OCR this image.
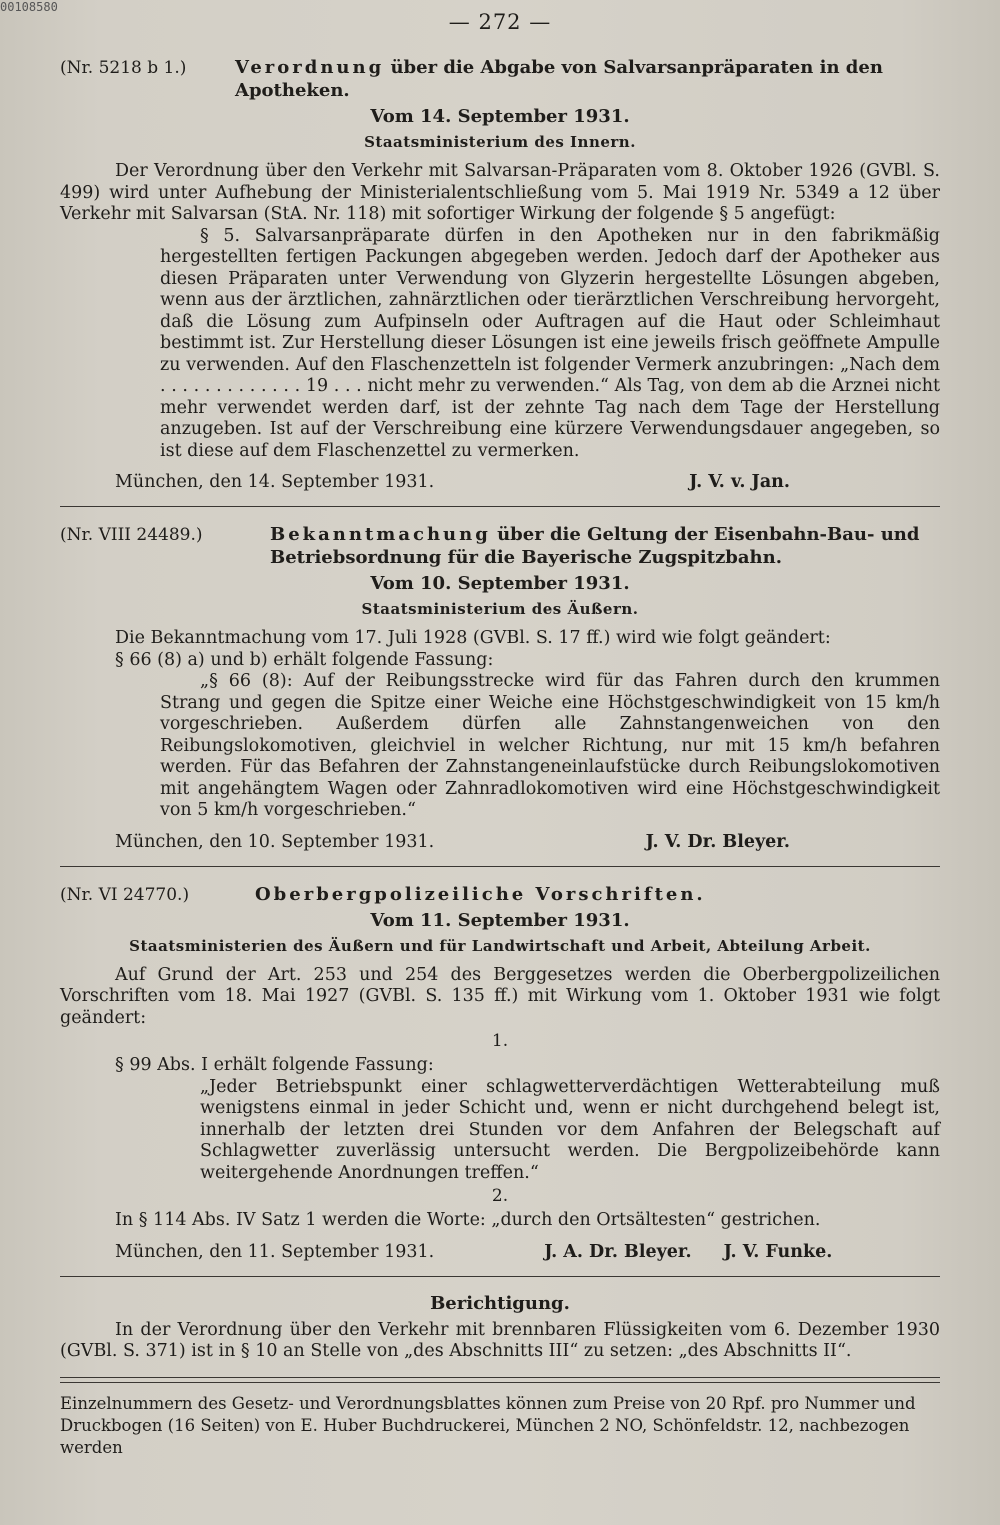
00108580
— 272 —
(Nr. 5218 b 1.)	Verordnung über die Abgabe von Salvarsanpräparaten in den Apotheken.
Vom 14. September 1931.
Staatsministerium des Innern.

Der Verordnung über den Verkehr mit Salvarsan-Präparaten vom 8. Oktober 1926 (GVBl. S. 499) wird unter Aufhebung der Ministerialentschließung vom 5. Mai 1919 Nr. 5349 a 12 über Verkehr mit Salvarsan (StA. Nr. 118) mit sofortiger Wirkung der folgende § 5 angefügt:

§ 5. Salvarsanpräparate dürfen in den Apotheken nur in den fabrikmäßig hergestellten fertigen Packungen abgegeben werden. Jedoch darf der Apotheker aus diesen Präparaten unter Verwendung von Glyzerin hergestellte Lösungen abgeben, wenn aus der ärztlichen, zahnärztlichen oder tierärztlichen Verschreibung hervorgeht, daß die Lösung zum Aufpinseln oder Auftragen auf die Haut oder Schleimhaut bestimmt ist. Zur Herstellung dieser Lösungen ist eine jeweils frisch geöffnete Ampulle zu verwenden. Auf den Flaschenzetteln ist folgender Vermerk anzubringen: „Nach dem . . . . . . . . . . . . . 19 . . . nicht mehr zu verwenden.“ Als Tag, von dem ab die Arznei nicht mehr verwendet werden darf, ist der zehnte Tag nach dem Tage der Herstellung anzugeben. Ist auf der Verschreibung eine kürzere Verwendungsdauer angegeben, so ist diese auf dem Flaschenzettel zu vermerken.

München, den 14. September 1931.	J. V. v. Jan.
(Nr. VIII 24489.)	Bekanntmachung über die Geltung der Eisenbahn-Bau- und Betriebsordnung für die Bayerische Zugspitzbahn.
Vom 10. September 1931.
Staatsministerium des Äußern.

Die Bekanntmachung vom 17. Juli 1928 (GVBl. S. 17 ff.) wird wie folgt geändert:

§ 66 (8) a) und b) erhält folgende Fassung:

„§ 66 (8): Auf der Reibungsstrecke wird für das Fahren durch den krummen Strang und gegen die Spitze einer Weiche eine Höchstgeschwindigkeit von 15 km/h vorgeschrieben. Außerdem dürfen alle Zahnstangenweichen von den Reibungslokomotiven, gleichviel in welcher Richtung, nur mit 15 km/h befahren werden. Für das Befahren der Zahnstangeneinlaufstücke durch Reibungslokomotiven mit angehängtem Wagen oder Zahnradlokomotiven wird eine Höchstgeschwindigkeit von 5 km/h vorgeschrieben.“

München, den 10. September 1931.	J. V. Dr. Bleyer.
(Nr. VI 24770.)	Oberbergpolizeiliche Vorschriften.
Vom 11. September 1931.
Staatsministerien des Äußern und für Landwirtschaft und Arbeit, Abteilung Arbeit.

Auf Grund der Art. 253 und 254 des Berggesetzes werden die Oberbergpolizeilichen Vorschriften vom 18. Mai 1927 (GVBl. S. 135 ff.) mit Wirkung vom 1. Oktober 1931 wie folgt geändert:

1.

§ 99 Abs. I erhält folgende Fassung:

„Jeder Betriebspunkt einer schlagwetterverdächtigen Wetterabteilung muß wenigstens einmal in jeder Schicht und, wenn er nicht durchgehend belegt ist, innerhalb der letzten drei Stunden vor dem Anfahren der Belegschaft auf Schlagwetter zuverlässig untersucht werden. Die Bergpolizeibehörde kann weitergehende Anordnungen treffen.“

2.

In § 114 Abs. IV Satz 1 werden die Worte: „durch den Ortsältesten“ gestrichen.

München, den 11. September 1931.	J. A. Dr. Bleyer. J. V. Funke.
Berichtigung.

In der Verordnung über den Verkehr mit brennbaren Flüssigkeiten vom 6. Dezember 1930 (GVBl. S. 371) ist in § 10 an Stelle von „des Abschnitts III“ zu setzen: „des Abschnitts II“.

Einzelnummern des Gesetz- und Verordnungsblattes können zum Preise von 20 Rpf. pro Nummer und Druckbogen (16 Seiten) von E. Huber Buchdruckerei, München 2 NO, Schönfeldstr. 12, nachbezogen werden
